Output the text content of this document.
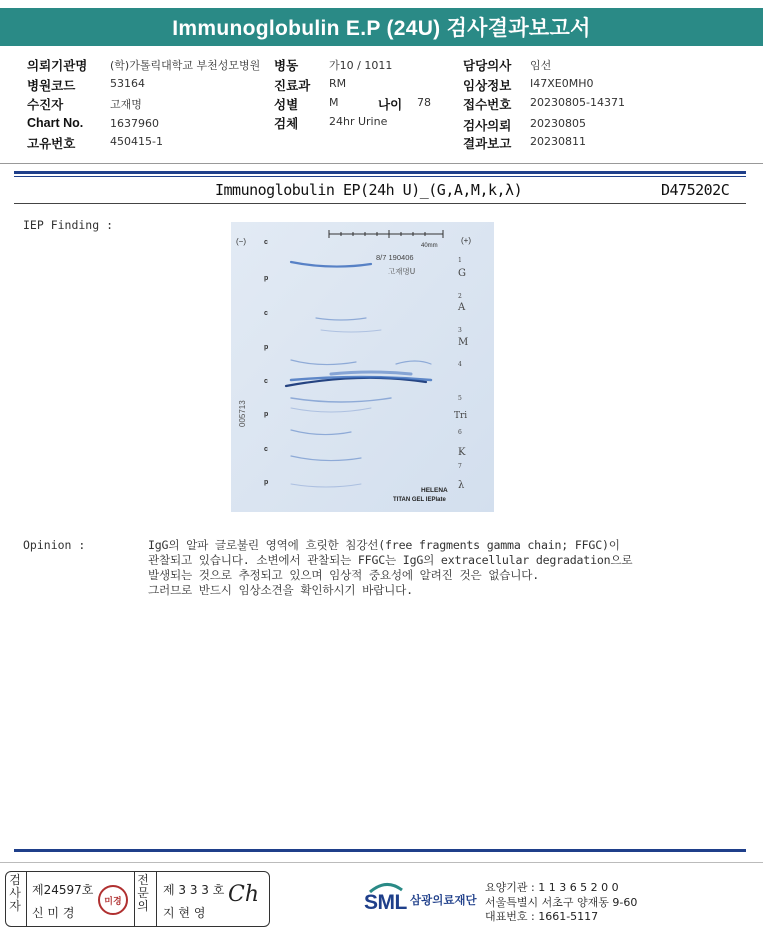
Immunoglobulin E.P (24U) 검사결과보고서
의뢰기관명 (학)가톨릭대학교 부천성모병원
병원코드	53164
수진자	고재명
Chart No. 1637960
고유번호	450415-1
병동	가10 / 1011
진료과 RM
성별	M	나이 78
검체	24hr Urine
담당의사 임선
임상정보 I47XE0MH0
접수번호 20230805-14371
검사의뢰 20230805
결과보고 20230811
Immunoglobulin EP(24h U)_(G,A,M,k,λ)	D475202C
IEP Finding :
40mm
(−)	(+)
8/7 190406
고재명U
005713
c
p
c
p
c
p
c
p
1
G
2
A
3
M
4
5
Tri
6
K
7
λ
HELENA
TITAN GEL IEPlate
Opinion :	IgG의 알파 글로불린 영역에 흐릿한 침강선(free fragments gamma chain; FFGC)이
관찰되고 있습니다. 소변에서 관찰되는 FFGC는 IgG의 extracellular degradation으로
발생되는 것으로 추정되고 있으며 임상적 중요성에 알려진 것은 없습니다.
그러므로 반드시 임상소견을 확인하시기 바랍니다.
검사자
제24597호
신 미 경
미경
전문의
제 3 3 3 호
지 현 영
Ch	SML 삼광의료재단
요양기관 : 1 1 3 6 5 2 0 0
서울특별시 서초구 양재동 9-60
대표번호 : 1661-5117
